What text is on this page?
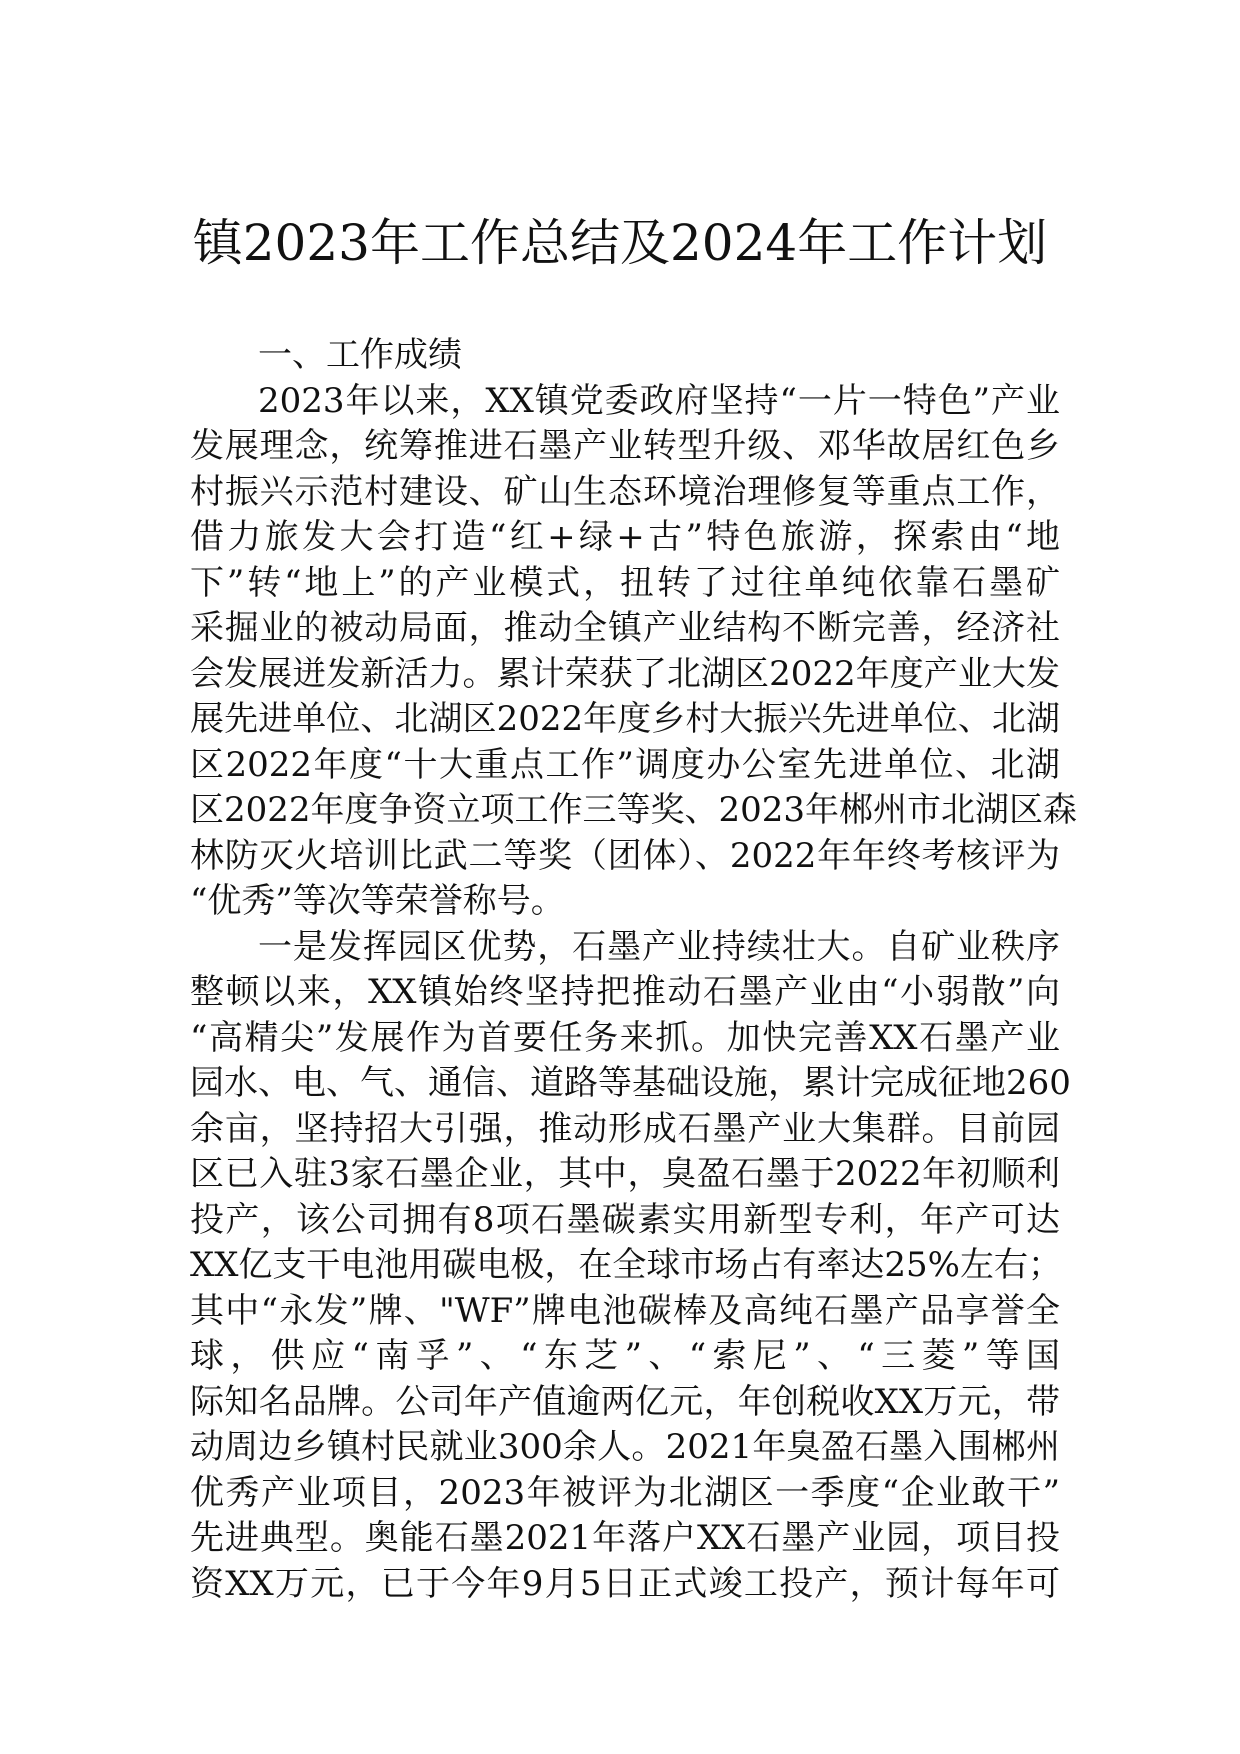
镇2023年工作总结及2024年工作计划
一、工作成绩
2023年以来，XX镇党委政府坚持“一片一特色”产业
发展理念，统筹推进石墨产业转型升级、邓华故居红色乡
村振兴示范村建设、矿山生态环境治理修复等重点工作，
借力旅发大会打造“红+绿+古”特色旅游，探索由“地
下”转“地上”的产业模式，扭转了过往单纯依靠石墨矿
采掘业的被动局面，推动全镇产业结构不断完善，经济社
会发展迸发新活力。累计荣获了北湖区2022年度产业大发
展先进单位、北湖区2022年度乡村大振兴先进单位、北湖
区2022年度“十大重点工作”调度办公室先进单位、北湖
区2022年度争资立项工作三等奖、2023年郴州市北湖区森
林防灭火培训比武二等奖（团体）、2022年年终考核评为
“优秀”等次等荣誉称号。
一是发挥园区优势，石墨产业持续壮大。自矿业秩序
整顿以来，XX镇始终坚持把推动石墨产业由“小弱散”向
“高精尖”发展作为首要任务来抓。加快完善XX石墨产业
园水、电、气、通信、道路等基础设施，累计完成征地260
余亩，坚持招大引强，推动形成石墨产业大集群。目前园
区已入驻3家石墨企业，其中，臭盈石墨于2022年初顺利
投产，该公司拥有8项石墨碳素实用新型专利，年产可达
XX亿支干电池用碳电极，在全球市场占有率达25%左右；
其中“永发”牌、"WF”牌电池碳棒及高纯石墨产品享誉全
球，供应“南孚”、“东芝”、“索尼”、“三菱”等国
际知名品牌。公司年产值逾两亿元，年创税收XX万元，带
动周边乡镇村民就业300余人。2021年臭盈石墨入围郴州
优秀产业项目，2023年被评为北湖区一季度“企业敢干”
先进典型。奥能石墨2021年落户XX石墨产业园，项目投
资XX万元，已于今年9月5日正式竣工投产，预计每年可
